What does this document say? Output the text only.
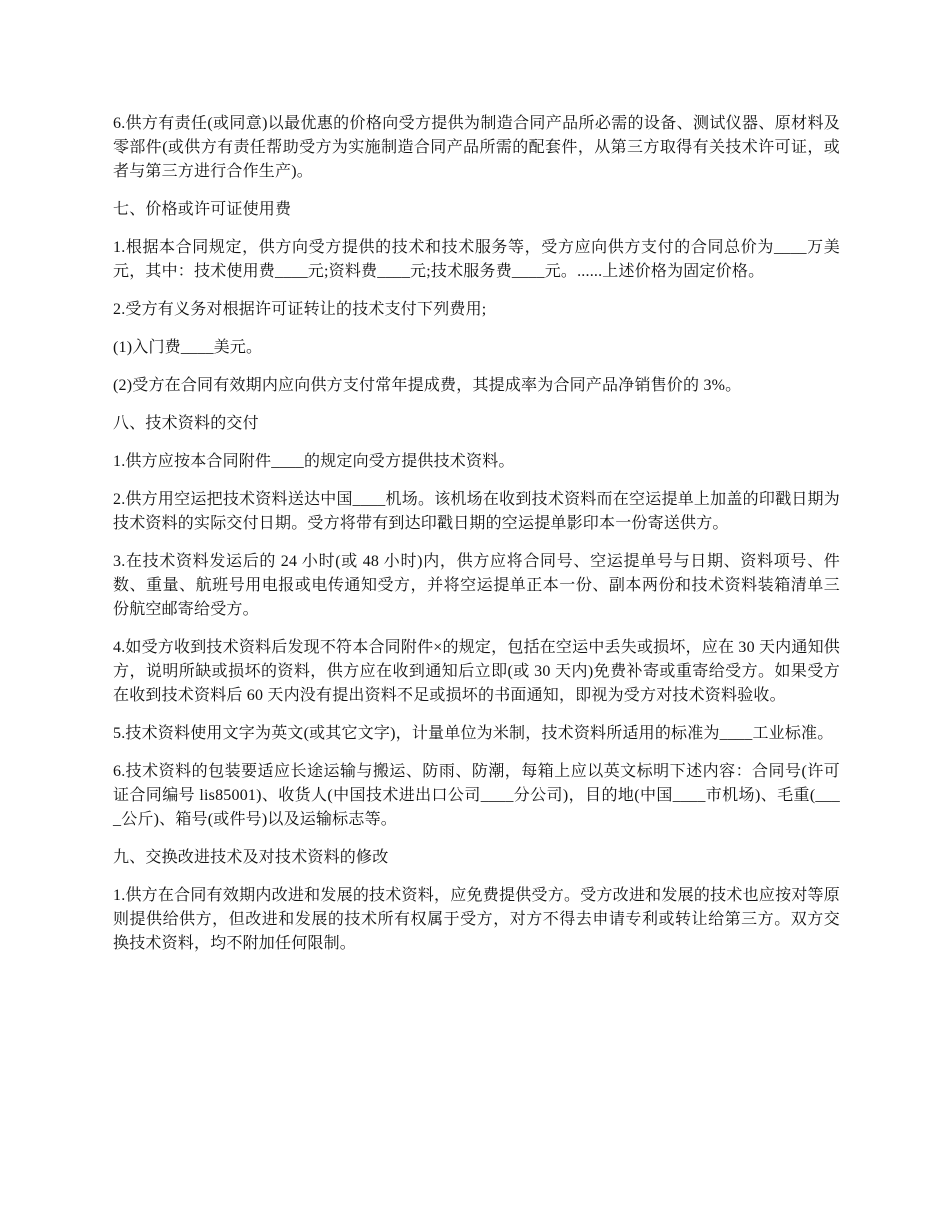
6.供方有责任(或同意)以最优惠的价格向受方提供为制造合同产品所必需的设备、测试仪器、原材料及零部件(或供方有责任帮助受方为实施制造合同产品所需的配套件，从第三方取得有关技术许可证，或者与第三方进行合作生产)。

七、价格或许可证使用费

1.根据本合同规定，供方向受方提供的技术和技术服务等，受方应向供方支付的合同总价为____万美元，其中：技术使用费____元;资料费____元;技术服务费____元。......上述价格为固定价格。

2.受方有义务对根据许可证转让的技术支付下列费用;

(1)入门费____美元。

(2)受方在合同有效期内应向供方支付常年提成费，其提成率为合同产品净销售价的 3%。

八、技术资料的交付

1.供方应按本合同附件____的规定向受方提供技术资料。

2.供方用空运把技术资料送达中国____机场。该机场在收到技术资料而在空运提单上加盖的印戳日期为技术资料的实际交付日期。受方将带有到达印戳日期的空运提单影印本一份寄送供方。

3.在技术资料发运后的 24 小时(或 48 小时)内，供方应将合同号、空运提单号与日期、资料项号、件数、重量、航班号用电报或电传通知受方，并将空运提单正本一份、副本两份和技术资料装箱清单三份航空邮寄给受方。

4.如受方收到技术资料后发现不符本合同附件×的规定，包括在空运中丢失或损坏，应在 30 天内通知供方，说明所缺或损坏的资料，供方应在收到通知后立即(或 30 天内)免费补寄或重寄给受方。如果受方在收到技术资料后 60 天内没有提出资料不足或损坏的书面通知，即视为受方对技术资料验收。

5.技术资料使用文字为英文(或其它文字)，计量单位为米制，技术资料所适用的标准为____工业标准。

6.技术资料的包装要适应长途运输与搬运、防雨、防潮，每箱上应以英文标明下述内容：合同号(许可证合同编号 lis85001)、收货人(中国技术进出口公司____分公司)，目的地(中国____市机场)、毛重(____公斤)、箱号(或件号)以及运输标志等。

九、交换改进技术及对技术资料的修改

1.供方在合同有效期内改进和发展的技术资料，应免费提供受方。受方改进和发展的技术也应按对等原则提供给供方，但改进和发展的技术所有权属于受方，对方不得去申请专利或转让给第三方。双方交换技术资料，均不附加任何限制。
